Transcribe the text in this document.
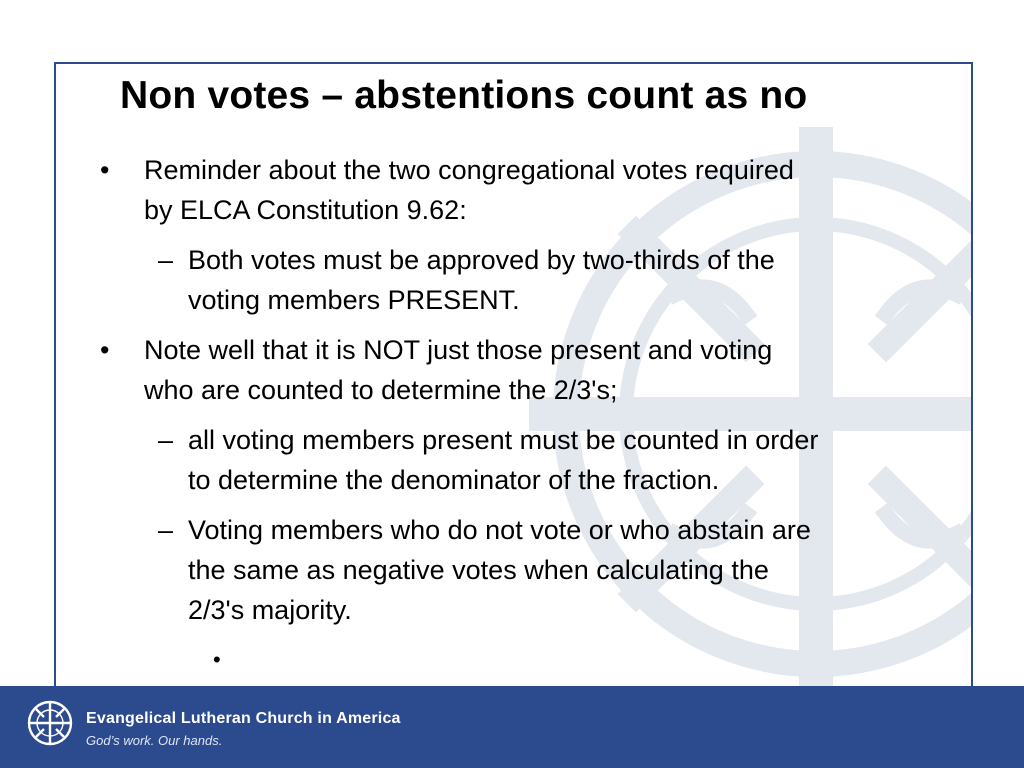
Non votes – abstentions count as no
• Reminder about the two congregational votes required
by ELCA Constitution 9.62:
– Both votes must be approved by two-thirds of the
voting members PRESENT.
• Note well that it is NOT just those present and voting
who are counted to determine the 2/3's;
– all voting members present must be counted in order
to determine the denominator of the fraction.
– Voting members who do not vote or who abstain are
the same as negative votes when calculating the
2/3's majority.
•
Evangelical Lutheran Church in America
God’s work. Our hands.
